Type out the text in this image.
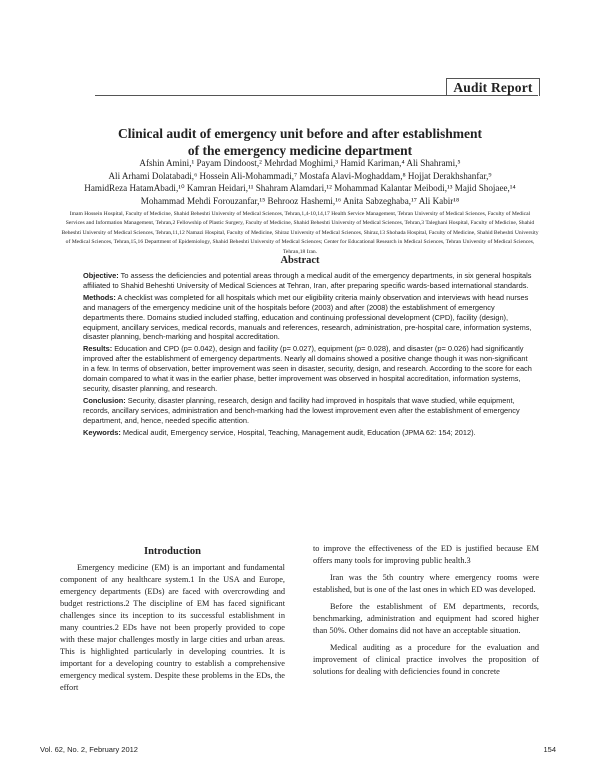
Audit Report
Clinical audit of emergency unit before and after establishment
of the emergency medicine department
Afshin Amini,¹ Payam Dindoost,² Mehrdad Moghimi,³ Hamid Kariman,⁴ Ali Shahrami,⁵
Ali Arhami Dolatabadi,⁶ Hossein Ali-Mohammadi,⁷ Mostafa Alavi-Moghaddam,⁸ Hojjat Derakhshanfar,⁹
HamidReza HatamAbadi,¹⁰ Kamran Heidari,¹¹ Shahram Alamdari,¹² Mohammad Kalantar Meibodi,¹³ Majid Shojaee,¹⁴
Mohammad Mehdi Forouzanfar,¹⁵ Behrooz Hashemi,¹⁶ Anita Sabzeghaba,¹⁷ Ali Kabir¹⁸
Imam Hossein Hospital, Faculty of Medicine, Shahid Beheshti University of Medical Sciences, Tehran,1,4-10,14,17 Health Service Management, Tehran University of Medical Sciences, Faculty of Medical Services and Information Management, Tehran,2 Fellowship of Plastic Surgery, Faculty of Medicine, Shahid Beheshti University of Medical Sciences, Tehran,3 Taleghani Hospital, Faculty of Medicine, Shahid Beheshti University of Medical Sciences, Tehran,11,12 Namazi Hospital, Faculty of Medicine, Shiraz University of Medical Sciences, Shiraz,13 Shohada Hospital, Faculty of Medicine, Shahid Beheshti University of Medical Sciences, Tehran,15,16 Department of Epidemiology, Shahid Beheshti University of Medical Sciences; Center for Educational Research in Medical Sciences, Tehran University of Medical Sciences, Tehran,18 Iran.
Abstract

Objective: To assess the deficiencies and potential areas through a medical audit of the emergency departments, in six general hospitals affiliated to Shahid Beheshti University of Medical Sciences at Tehran, Iran, after preparing specific wards-based international standards.

Methods: A checklist was completed for all hospitals which met our eligibility criteria mainly observation and interviews with head nurses and managers of the emergency medicine unit of the hospitals before (2003) and after (2008) the establishment of emergency departments there. Domains studied included staffing, education and continuing professional development (CPD), facility (design), equipment, ancillary services, medical records, manuals and references, research, administration, pre-hospital care, information systems, disaster planning, bench-marking and hospital accreditation.

Results: Education and CPD (p= 0.042), design and facility (p= 0.027), equipment (p= 0.028), and disaster (p= 0.026) had significantly improved after the establishment of emergency departments. Nearly all domains showed a positive change though it was non-significant in a few. In terms of observation, better improvement was seen in disaster, security, design, and research. According to the score for each domain compared to what it was in the earlier phase, better improvement was observed in hospital accreditation, information systems, security, disaster planning, and research.

Conclusion: Security, disaster planning, research, design and facility had improved in hospitals that wave studied, while equipment, records, ancillary services, administration and bench-marking had the lowest improvement even after the establishment of emergency department, and, hence, needed specific attention.

Keywords: Medical audit, Emergency service, Hospital, Teaching, Management audit, Education (JPMA 62: 154; 2012).

Introduction

Emergency medicine (EM) is an important and fundamental component of any healthcare system.1 In the USA and Europe, emergency departments (EDs) are faced with overcrowding and budget restrictions.2 The discipline of EM has faced significant challenges since its inception to its successful establishment in many countries.2 EDs have not been properly provided to cope with these major challenges mostly in large cities and urban areas. This is highlighted particularly in developing countries. It is important for a developing country to establish a comprehensive emergency medical system. Despite these problems in the EDs, the effort

to improve the effectiveness of the ED is justified because EM offers many tools for improving public health.3

Iran was the 5th country where emergency rooms were established, but is one of the last ones in which ED was developed.

Before the establishment of EM departments, records, benchmarking, administration and equipment had scored higher than 50%. Other domains did not have an acceptable situation.

Medical auditing as a procedure for the evaluation and improvement of clinical practice involves the proposition of solutions for dealing with deficiencies found in concrete

Vol. 62, No. 2, February 2012	154
